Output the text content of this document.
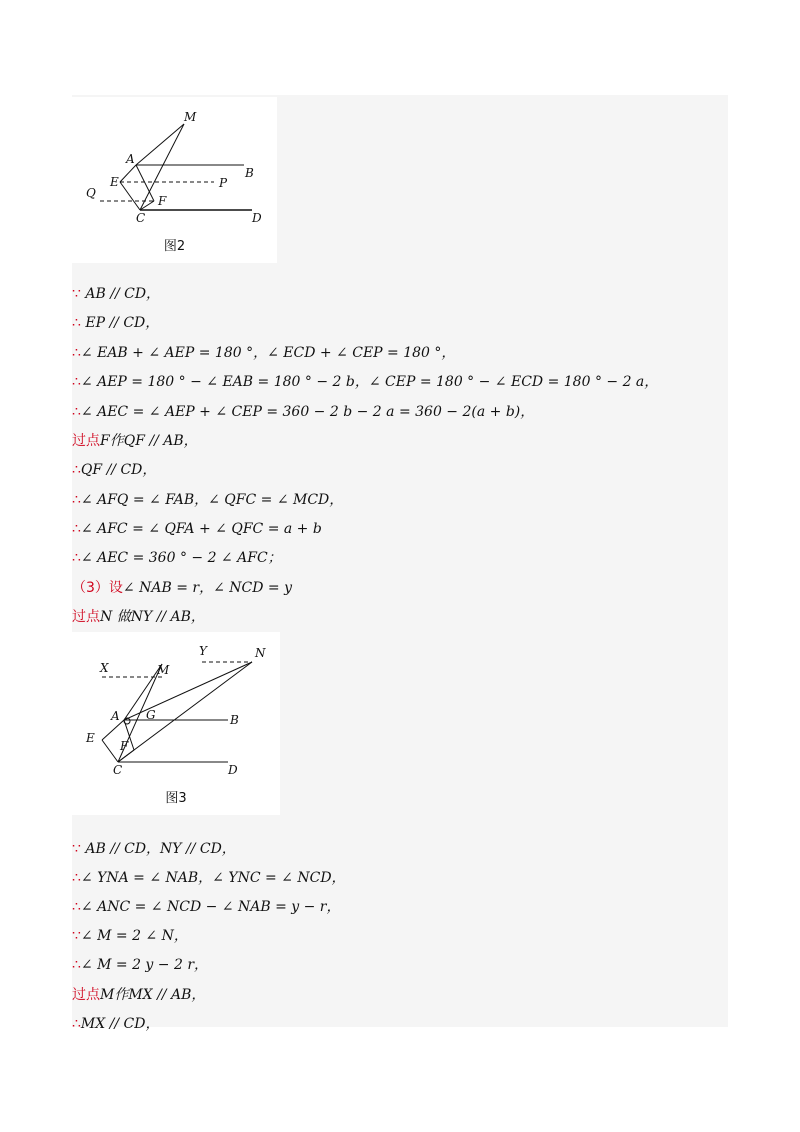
M
A
B
E	P
Q
F
C	D
图2
X	M
Y	N
A G	B
E
F
C	D
图3
∵ AB // CD，
∴ EP // CD，
∴∠ EAB + ∠ AEP = 180 °，∠ ECD + ∠ CEP = 180 °，
∴∠ AEP = 180 ° − ∠ EAB = 180 ° − 2 b，∠ CEP = 180 ° − ∠ ECD = 180 ° − 2 a，
∴∠ AEC = ∠ AEP + ∠ CEP = 360 − 2 b − 2 a = 360 − 2(a + b)，
过点F作QF // AB，
∴QF // CD，
∴∠ AFQ = ∠ FAB，∠ QFC = ∠ MCD，
∴∠ AFC = ∠ QFA + ∠ QFC = a + b
∴∠ AEC = 360 ° − 2 ∠ AFC；
（3）设∠ NAB = r，∠ NCD = y
过点N 做NY // AB，
∵ AB // CD，NY // CD，
∴∠ YNA = ∠ NAB，∠ YNC = ∠ NCD，
∴∠ ANC = ∠ NCD − ∠ NAB = y − r，
∵∠ M = 2 ∠ N，
∴∠ M = 2 y − 2 r，
过点M作MX // AB，
∴MX // CD，
